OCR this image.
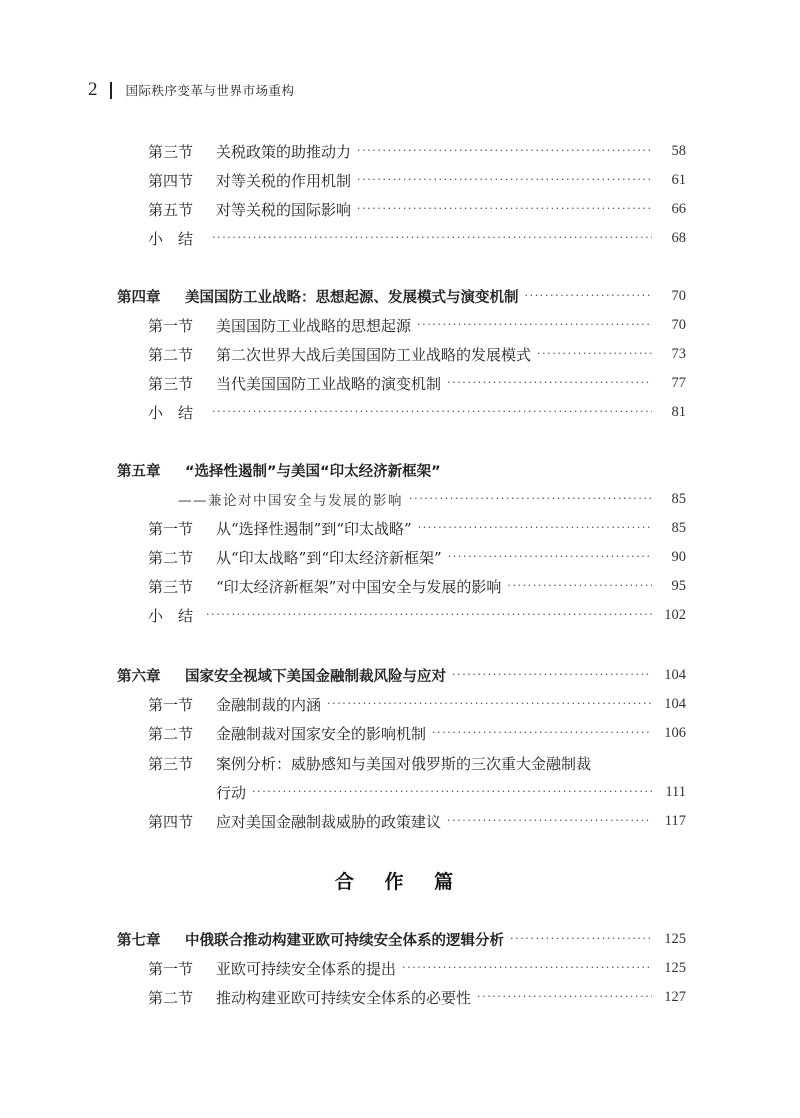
2 国际秩序变革与世界市场重构
第三节 关税政策的助推动力 ·····	58
第四节 对等关税的作用机制 ·····	61
第五节 对等关税的国际影响 ·····	66
小　结 ·····	68
第四章 美国国防工业战略：思想起源、发展模式与演变机制 ·····	70
第一节 美国国防工业战略的思想起源 ·····	70
第二节 第二次世界大战后美国国防工业战略的发展模式 ·····	73
第三节 当代美国国防工业战略的演变机制 ·····	77
小　结 ·····	81
第五章 “选择性遏制”与美国“印太经济新框架”
——兼论对中国安全与发展的影响 ·····	85
第一节 从“选择性遏制”到“印太战略” ·····	85
第二节 从“印太战略”到“印太经济新框架” ·····	90
第三节 “印太经济新框架”对中国安全与发展的影响 ·····	95
小　结 ·····	102
第六章 国家安全视域下美国金融制裁风险与应对 ·····	104
第一节 金融制裁的内涵 ·····	104
第二节 金融制裁对国家安全的影响机制 ·····	106
第三节 案例分析：威胁感知与美国对俄罗斯的三次重大金融制裁
行动 ·····	111
第四节 应对美国金融制裁威胁的政策建议 ·····	117
合 作 篇
第七章 中俄联合推动构建亚欧可持续安全体系的逻辑分析 ·····	125
第一节 亚欧可持续安全体系的提出 ·····	125
第二节 推动构建亚欧可持续安全体系的必要性 ·····	127
